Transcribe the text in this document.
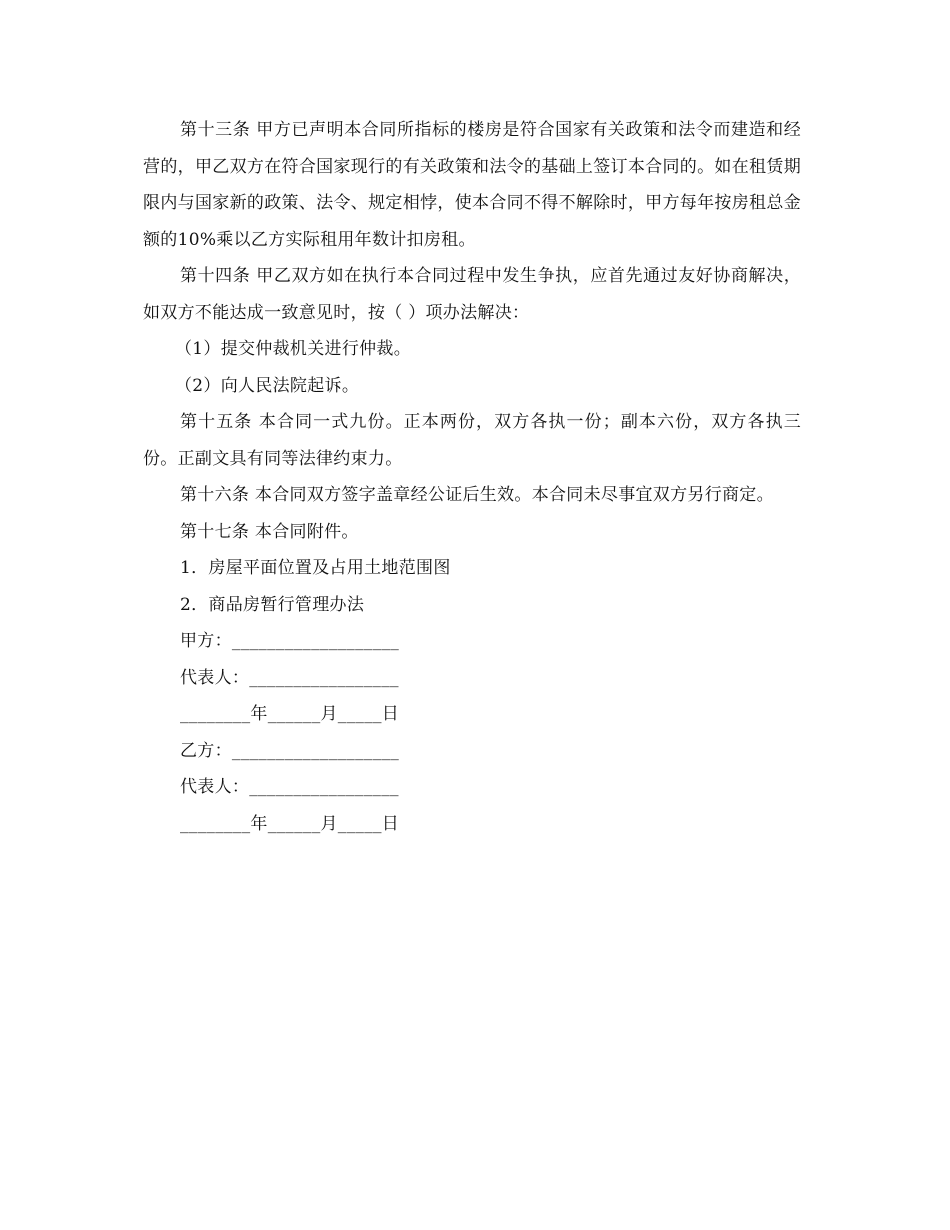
第十三条 甲方已声明本合同所指标的楼房是符合国家有关政策和法令而建造和经营的，甲乙双方在符合国家现行的有关政策和法令的基础上签订本合同的。如在租赁期限内与国家新的政策、法令、规定相悖，使本合同不得不解除时，甲方每年按房租总金额的10%乘以乙方实际租用年数计扣房租。

第十四条 甲乙双方如在执行本合同过程中发生争执，应首先通过友好协商解决，如双方不能达成一致意见时，按（ ）项办法解决：

（1）提交仲裁机关进行仲裁。

（2）向人民法院起诉。

第十五条 本合同一式九份。正本两份，双方各执一份；副本六份，双方各执三份。正副文具有同等法律约束力。

第十六条 本合同双方签字盖章经公证后生效。本合同未尽事宜双方另行商定。

第十七条 本合同附件。

1．房屋平面位置及占用土地范围图

2．商品房暂行管理办法

甲方：___________________

代表人：_________________

________年______月_____日

乙方：___________________

代表人：_________________

________年______月_____日
